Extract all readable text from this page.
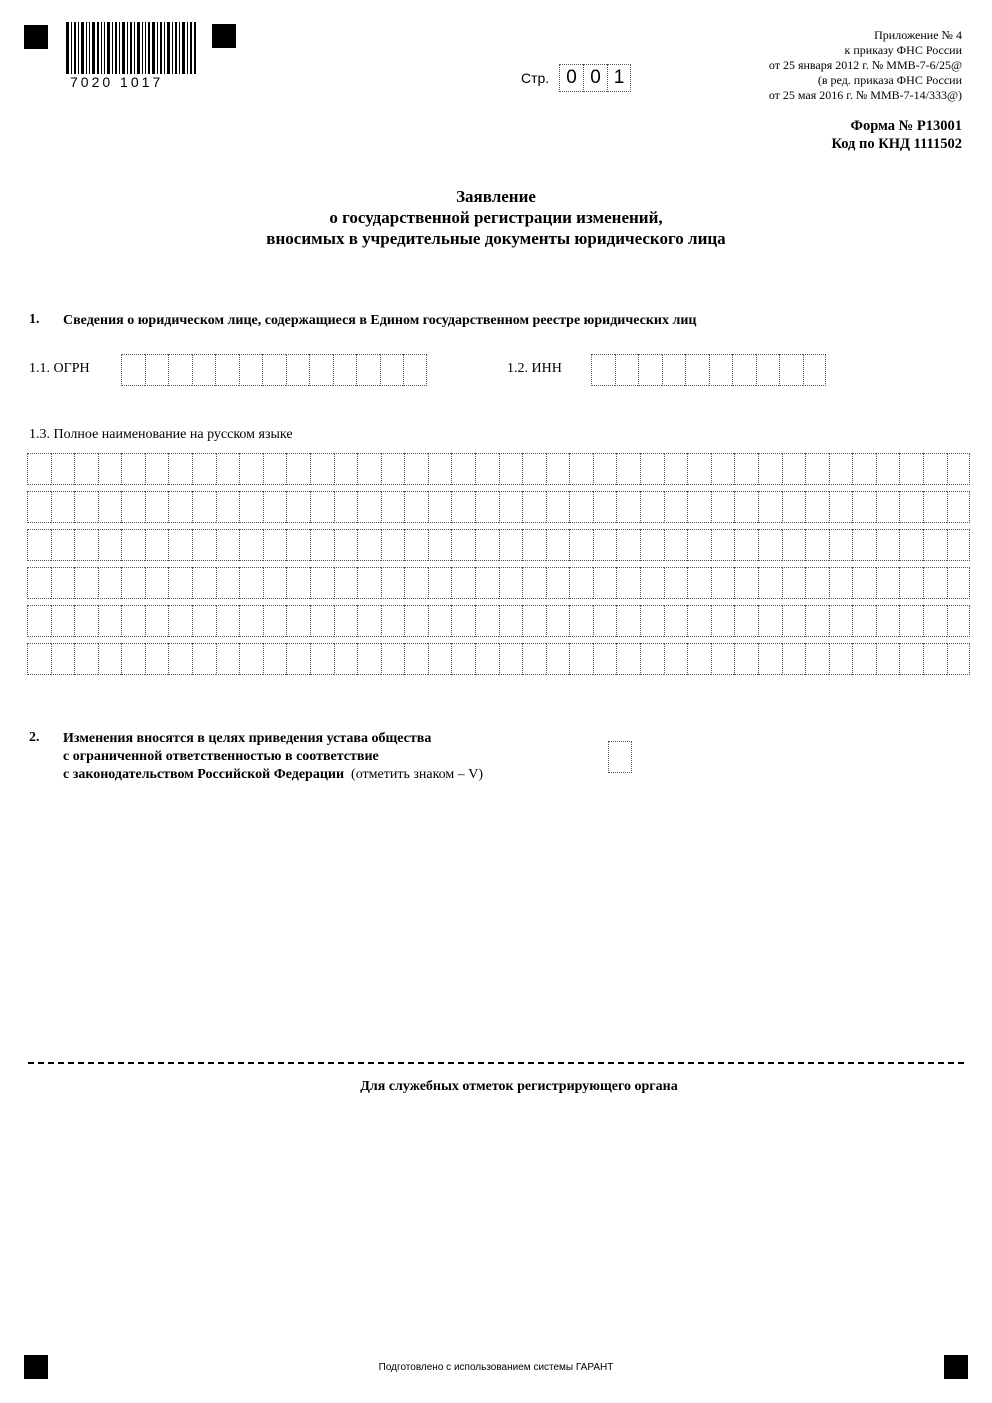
7020 1017	Стр. 0 0 1
Приложение № 4
к приказу ФНС России
от 25 января 2012 г. № ММВ-7-6/25@
(в ред. приказа ФНС России
от 25 мая 2016 г. № ММВ-7-14/333@)
Форма № Р13001
Код по КНД 1111502
Заявление
о государственной регистрации изменений,
вносимых в учредительные документы юридического лица
1. Сведения о юридическом лице, содержащиеся в Едином государственном реестре юридических лиц
1.1. ОГРН	1.2. ИНН
1.3. Полное наименование на русском языке
2. Изменения вносятся в целях приведения устава общества
с ограниченной ответственностью в соответствие
с законодательством Российской Федерации (отметить знаком – V)
Для служебных отметок регистрирующего органа
Подготовлено с использованием системы ГАРАНТ
